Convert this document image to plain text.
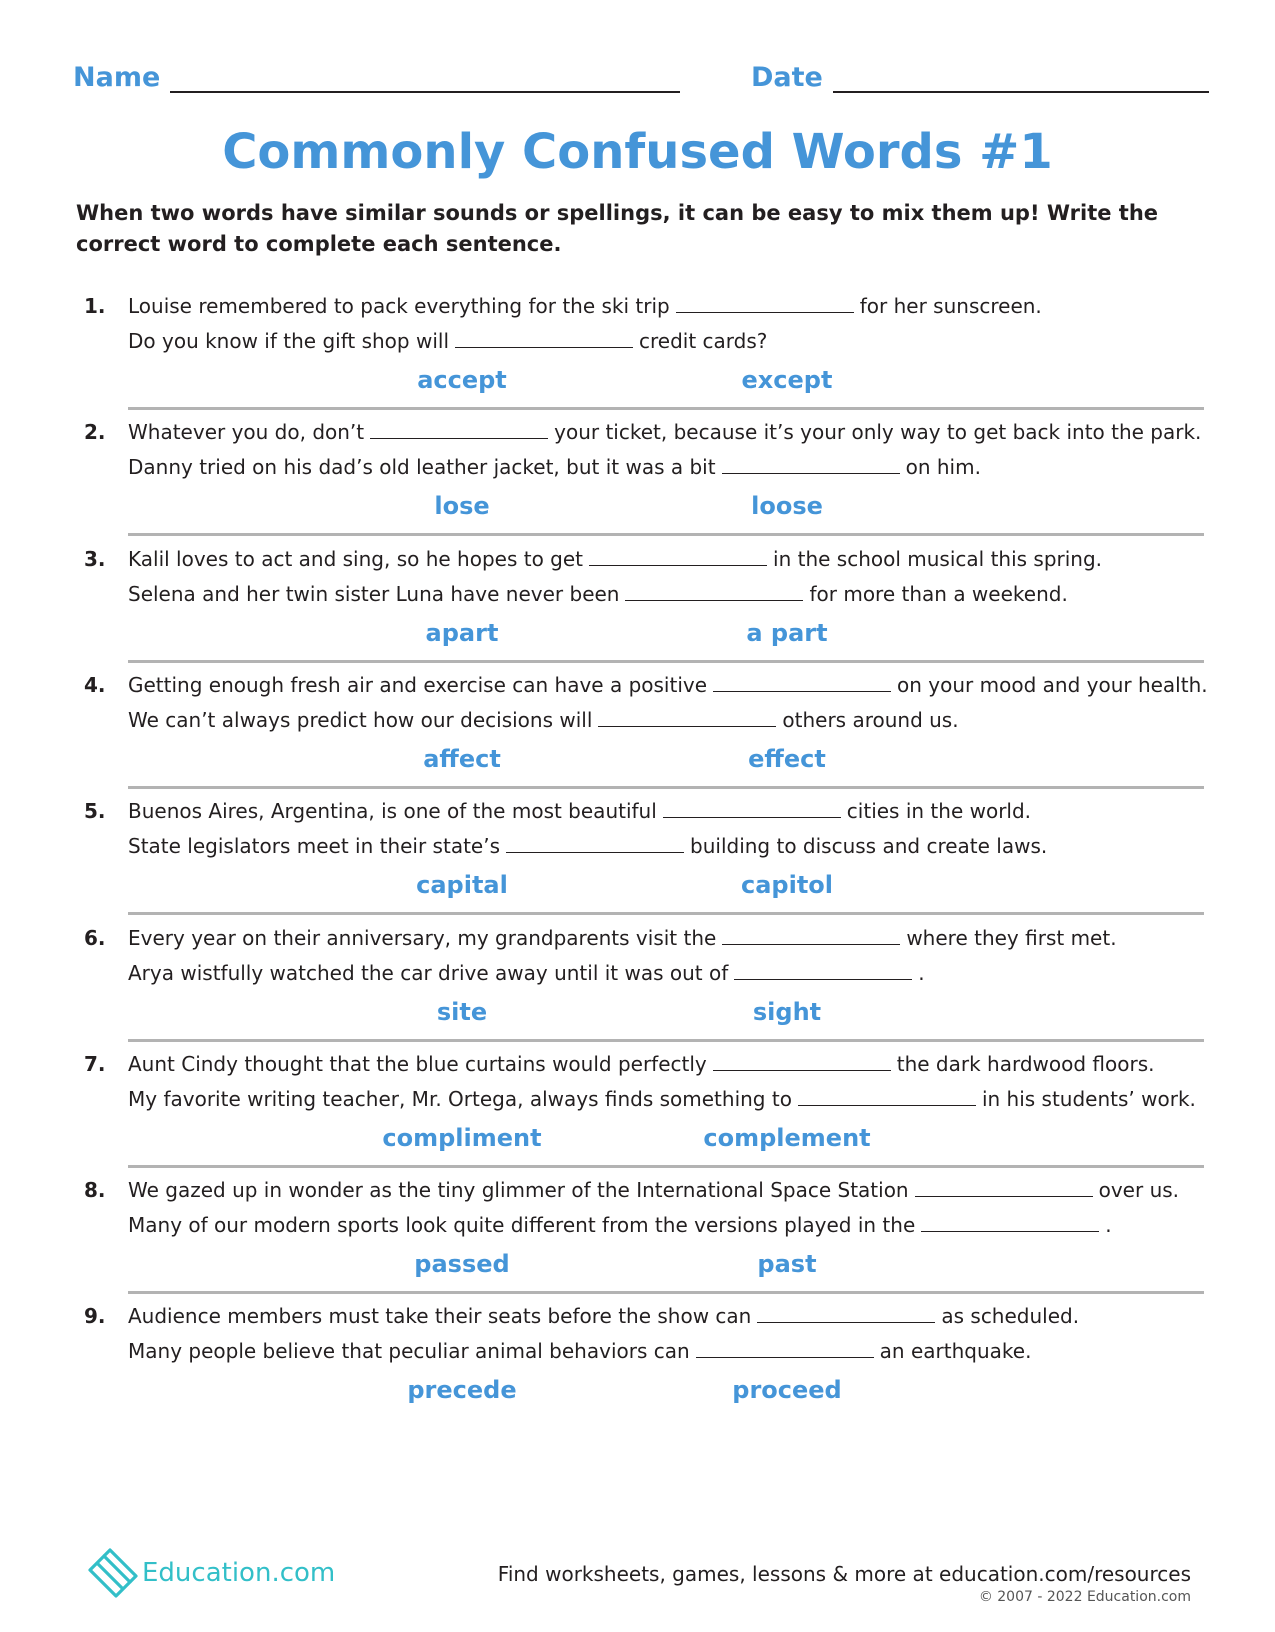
Name	Date
Commonly Confused Words #1
When two words have similar sounds or spellings, it can be easy to mix them up! Write the correct word to complete each sentence.
1. Louise remembered to pack everything for the ski trip	for her sunscreen.
Do you know if the gift shop will	credit cards?
accept	except
2. Whatever you do, don’t	your ticket, because it’s your only way to get back into the park.
Danny tried on his dad’s old leather jacket, but it was a bit	on him.
lose	loose
3. Kalil loves to act and sing, so he hopes to get	in the school musical this spring.
Selena and her twin sister Luna have never been	for more than a weekend.
apart	a part
4. Getting enough fresh air and exercise can have a positive	on your mood and your health.
We can’t always predict how our decisions will	others around us.
affect	effect
5. Buenos Aires, Argentina, is one of the most beautiful	cities in the world.
State legislators meet in their state’s	building to discuss and create laws.
capital	capitol
6. Every year on their anniversary, my grandparents visit the	where they first met.
Arya wistfully watched the car drive away until it was out of	.
site	sight
7. Aunt Cindy thought that the blue curtains would perfectly	the dark hardwood floors.
My favorite writing teacher, Mr. Ortega, always finds something to	in his students’ work.
compliment	complement
8. We gazed up in wonder as the tiny glimmer of the International Space Station	over us.
Many of our modern sports look quite different from the versions played in the	.
passed	past
9. Audience members must take their seats before the show can	as scheduled.
Many people believe that peculiar animal behaviors can	an earthquake.
precede	proceed
Education.com	Find worksheets, games, lessons & more at education.com/resources
© 2007 - 2022 Education.com
